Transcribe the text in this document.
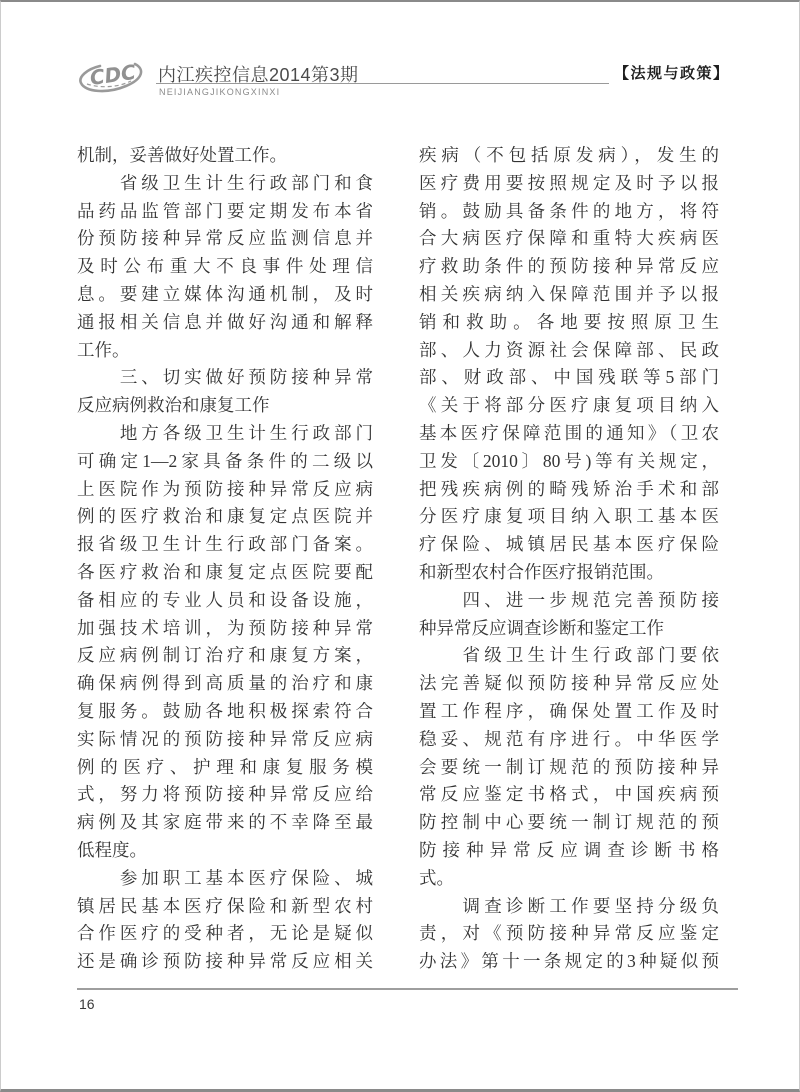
CDC 内江疾控信息2014第3期
NEIJIANGJIKONGXINXI
【法规与政策】
机制，妥善做好处置工作。
　　省级卫生计生行政部门和食
品药品监管部门要定期发布本省
份预防接种异常反应监测信息并
及时公布重大不良事件处理信
息。要建立媒体沟通机制，及时
通报相关信息并做好沟通和解释
工作。
　　三、切实做好预防接种异常
反应病例救治和康复工作
　　地方各级卫生计生行政部门
可确定1—2家具备条件的二级以
上医院作为预防接种异常反应病
例的医疗救治和康复定点医院并
报省级卫生计生行政部门备案。
各医疗救治和康复定点医院要配
备相应的专业人员和设备设施，
加强技术培训，为预防接种异常
反应病例制订治疗和康复方案，
确保病例得到高质量的治疗和康
复服务。鼓励各地积极探索符合
实际情况的预防接种异常反应病
例的医疗、护理和康复服务模
式，努力将预防接种异常反应给
病例及其家庭带来的不幸降至最
低程度。
　　参加职工基本医疗保险、城
镇居民基本医疗保险和新型农村
合作医疗的受种者，无论是疑似
还是确诊预防接种异常反应相关
疾病（不包括原发病），发生的
医疗费用要按照规定及时予以报
销。鼓励具备条件的地方，将符
合大病医疗保障和重特大疾病医
疗救助条件的预防接种异常反应
相关疾病纳入保障范围并予以报
销和救助。各地要按照原卫生
部、人力资源社会保障部、民政
部、财政部、中国残联等5部门
《关于将部分医疗康复项目纳入
基本医疗保障范围的通知》（卫农
卫发〔2010〕80号)等有关规定，
把残疾病例的畸残矫治手术和部
分医疗康复项目纳入职工基本医
疗保险、城镇居民基本医疗保险
和新型农村合作医疗报销范围。
　　四、进一步规范完善预防接
种异常反应调查诊断和鉴定工作
　　省级卫生计生行政部门要依
法完善疑似预防接种异常反应处
置工作程序，确保处置工作及时
稳妥、规范有序进行。中华医学
会要统一制订规范的预防接种异
常反应鉴定书格式，中国疾病预
防控制中心要统一制订规范的预
防接种异常反应调查诊断书格
式。
　　调查诊断工作要坚持分级负
责，对《预防接种异常反应鉴定
办法》第十一条规定的3种疑似预
16
